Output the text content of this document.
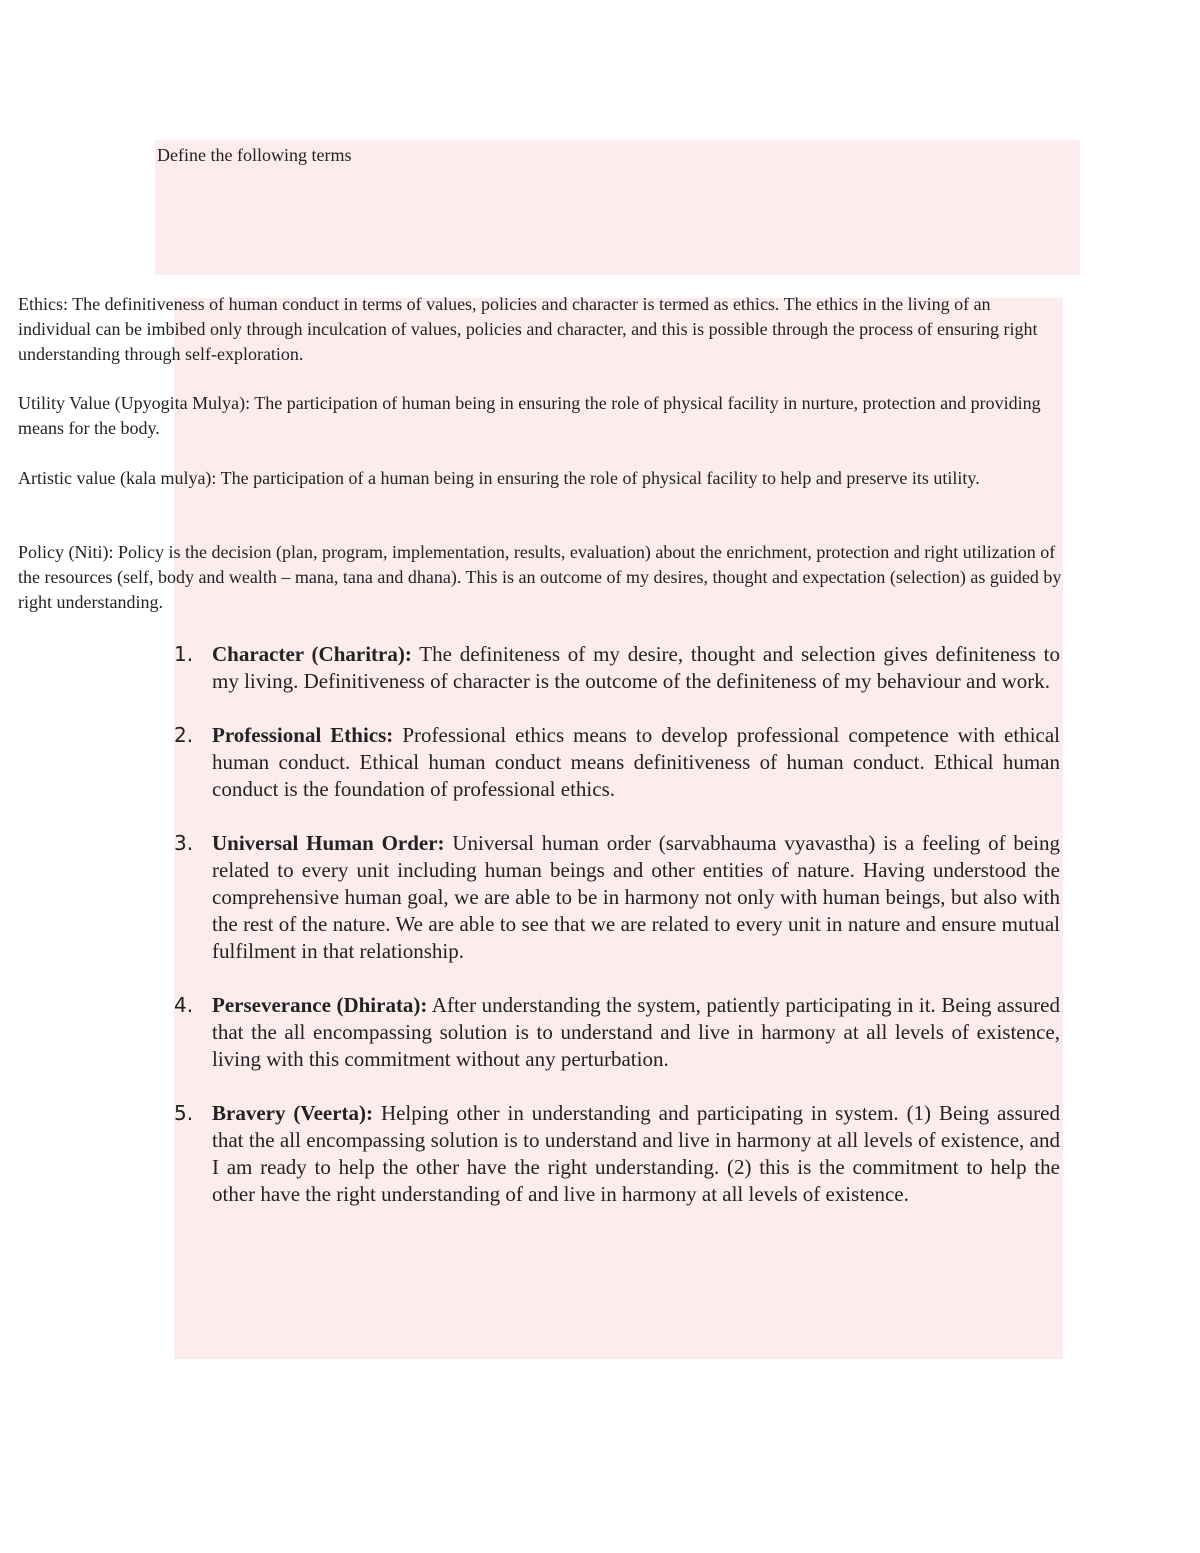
Define the following terms

Ethics: The definitiveness of human conduct in terms of values, policies and character is termed as ethics. The ethics in the living of an individual can be imbibed only through inculcation of values, policies and character, and this is possible through the process of ensuring right understanding through self-exploration.

Utility Value (Upyogita Mulya): The participation of human being in ensuring the role of physical facility in nurture, protection and providing means for the body.

Artistic value (kala mulya): The participation of a human being in ensuring the role of physical facility to help and preserve its utility.

Policy (Niti): Policy is the decision (plan, program, implementation, results, evaluation) about the enrichment, protection and right utilization of the resources (self, body and wealth – mana, tana and dhana). This is an outcome of my desires, thought and expectation (selection) as guided by right understanding.

1. Character (Charitra): The definiteness of my desire, thought and selection gives definiteness to my living. Definitiveness of character is the outcome of the definiteness of my behaviour and work.
2. Professional Ethics: Professional ethics means to develop professional competence with ethical human conduct. Ethical human conduct means definitiveness of human conduct. Ethical human conduct is the foundation of professional ethics.
3. Universal Human Order: Universal human order (sarvabhauma vyavastha) is a feeling of being related to every unit including human beings and other entities of nature. Having understood the comprehensive human goal, we are able to be in harmony not only with human beings, but also with the rest of the nature. We are able to see that we are related to every unit in nature and ensure mutual fulfilment in that relationship.
4. Perseverance (Dhirata): After understanding the system, patiently participating in it. Being assured that the all encompassing solution is to understand and live in harmony at all levels of existence, living with this commitment without any perturbation.
5. Bravery (Veerta): Helping other in understanding and participating in system. (1) Being assured that the all encompassing solution is to understand and live in harmony at all levels of existence, and I am ready to help the other have the right understanding. (2) this is the commitment to help the other have the right understanding of and live in harmony at all levels of existence.
